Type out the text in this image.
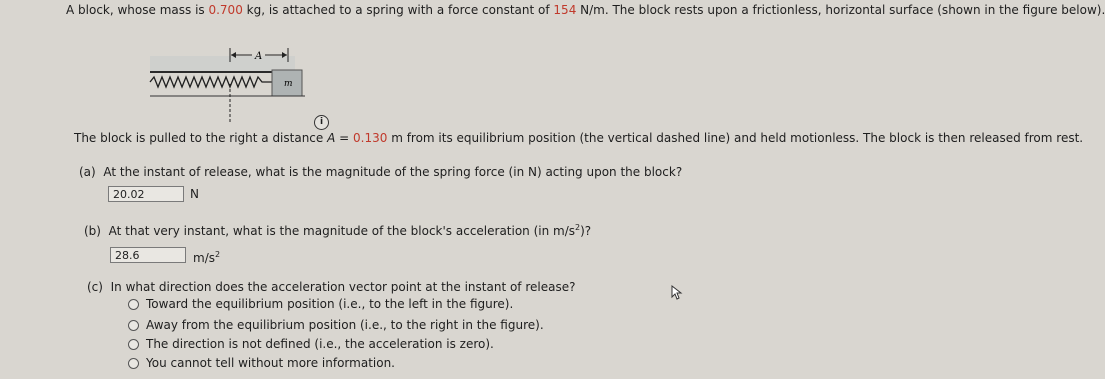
A block, whose mass is 0.700 kg, is attached to a spring with a force constant of 154 N/m. The block rests upon a frictionless, horizontal surface (shown in the figure below).
A
m
i
The block is pulled to the right a distance A = 0.130 m from its equilibrium position (the vertical dashed line) and held motionless. The block is then released from rest.
(a) At the instant of release, what is the magnitude of the spring force (in N) acting upon the block?
20.02	N
(b) At that very instant, what is the magnitude of the block's acceleration (in $m/s^2$)?
28.6	$m/s^2$
(c) In what direction does the acceleration vector point at the instant of release?
Toward the equilibrium position (i.e., to the left in the figure).
Away from the equilibrium position (i.e., to the right in the figure).
The direction is not defined (i.e., the acceleration is zero).
You cannot tell without more information.
